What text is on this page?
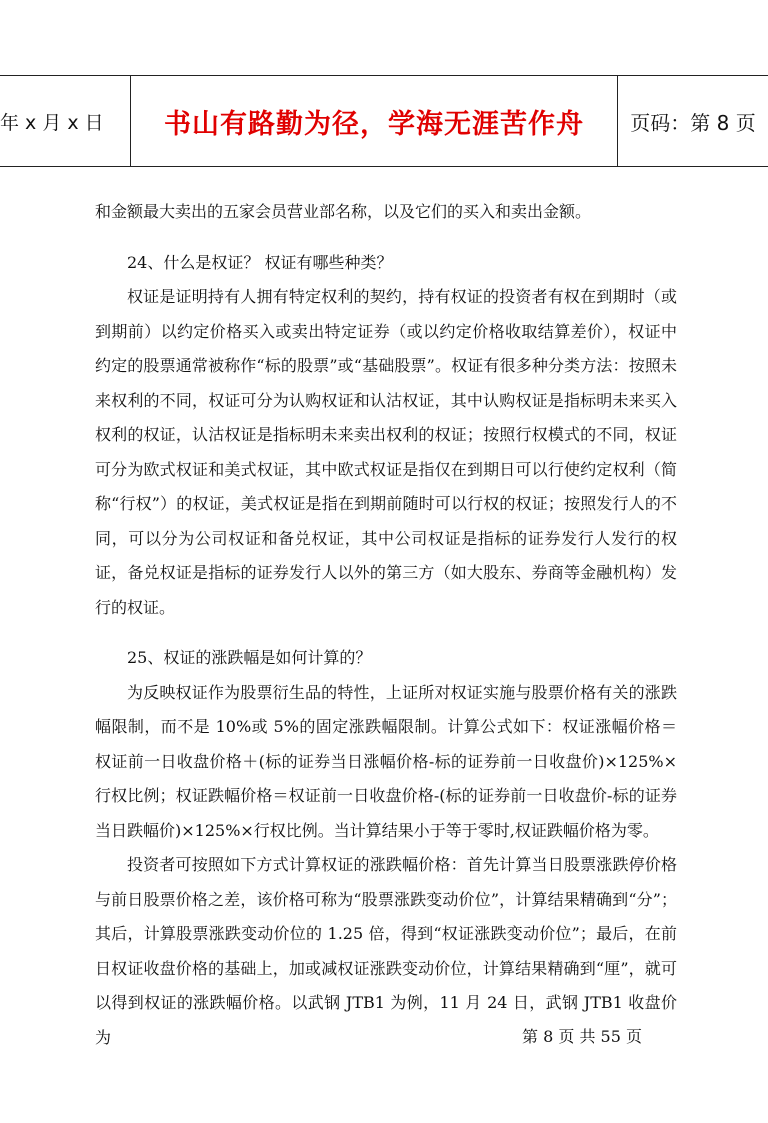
年 x 月 x 日	书山有路勤为径，学海无涯苦作舟	页码：第 8 页

和金额最大卖出的五家会员营业部名称，以及它们的买入和卖出金额。

24、什么是权证？ 权证有哪些种类？

权证是证明持有人拥有特定权利的契约，持有权证的投资者有权在到期时（或到期前）以约定价格买入或卖出特定证券（或以约定价格收取结算差价），权证中约定的股票通常被称作“标的股票”或“基础股票”。权证有很多种分类方法：按照未来权利的不同，权证可分为认购权证和认沽权证，其中认购权证是指标明未来买入权利的权证，认沽权证是指标明未来卖出权利的权证；按照行权模式的不同，权证可分为欧式权证和美式权证，其中欧式权证是指仅在到期日可以行使约定权利（简称“行权”）的权证，美式权证是指在到期前随时可以行权的权证；按照发行人的不同，可以分为公司权证和备兑权证，其中公司权证是指标的证券发行人发行的权证，备兑权证是指标的证券发行人以外的第三方（如大股东、券商等金融机构）发行的权证。

25、权证的涨跌幅是如何计算的？

为反映权证作为股票衍生品的特性，上证所对权证实施与股票价格有关的涨跌幅限制，而不是 10%或 5%的固定涨跌幅限制。计算公式如下：权证涨幅价格＝权证前一日收盘价格＋(标的证券当日涨幅价格-标的证券前一日收盘价)×125%×行权比例；权证跌幅价格＝权证前一日收盘价格-(标的证券前一日收盘价-标的证券当日跌幅价)×125%×行权比例。当计算结果小于等于零时,权证跌幅价格为零。

投资者可按照如下方式计算权证的涨跌幅价格：首先计算当日股票涨跌停价格与前日股票价格之差，该价格可称为“股票涨跌变动价位”，计算结果精确到“分”；其后，计算股票涨跌变动价位的 1.25 倍，得到“权证涨跌变动价位”；最后，在前日权证收盘价格的基础上，加或减权证涨跌变动价位，计算结果精确到“厘”，就可以得到权证的涨跌幅价格。以武钢 JTB1 为例，11 月 24 日，武钢 JTB1 收盘价为	第 8 页 共 55 页
